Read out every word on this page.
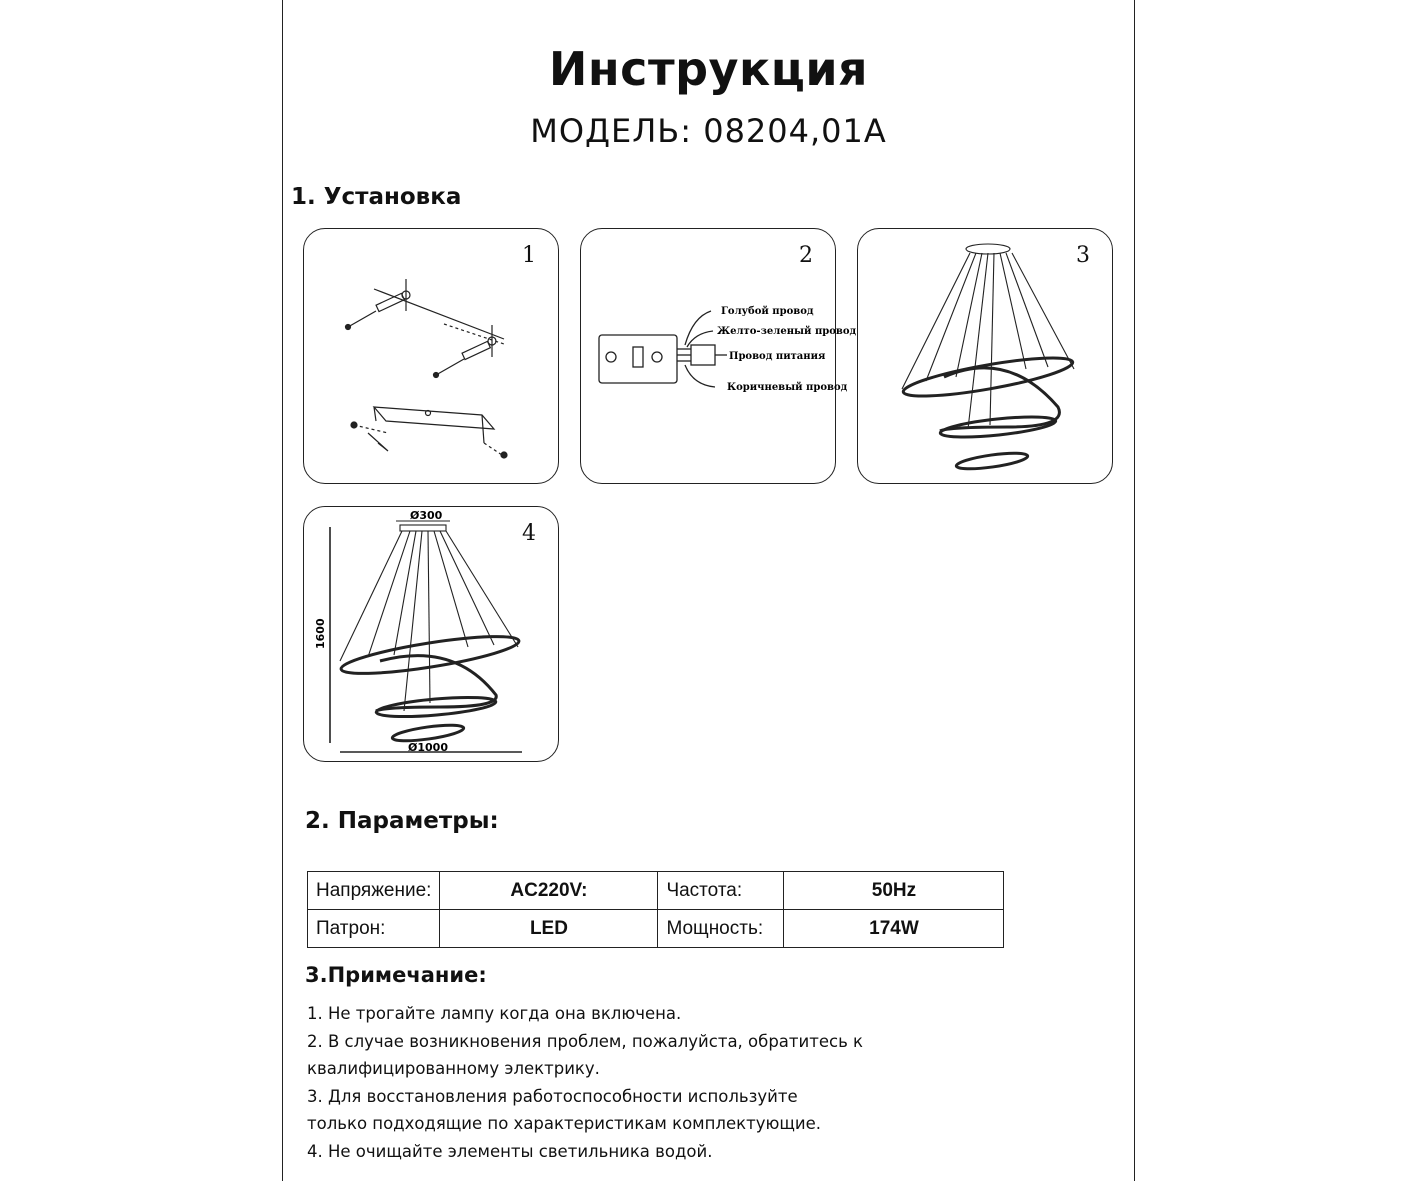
Инструкция
МОДЕЛЬ: 08204,01A
1. Установка
1	2
Голубой провод
Желто-зеленый провод
Провод питания
Коричневый провод
3
4
Ø300
1600
Ø1000
2. Параметры:
Напряжение:	AC220V:	Частота:	50Hz
Патрон:	LED	Мощность:	174W
3.Примечание:
1. Не трогайте лампу когда она включена.
2. В случае возникновения проблем, пожалуйста, обратитесь к
квалифицированному электрику.
3. Для восстановления работоспособности используйте
только подходящие по характеристикам комплектующие.
4. Не очищайте элементы светильника водой.
